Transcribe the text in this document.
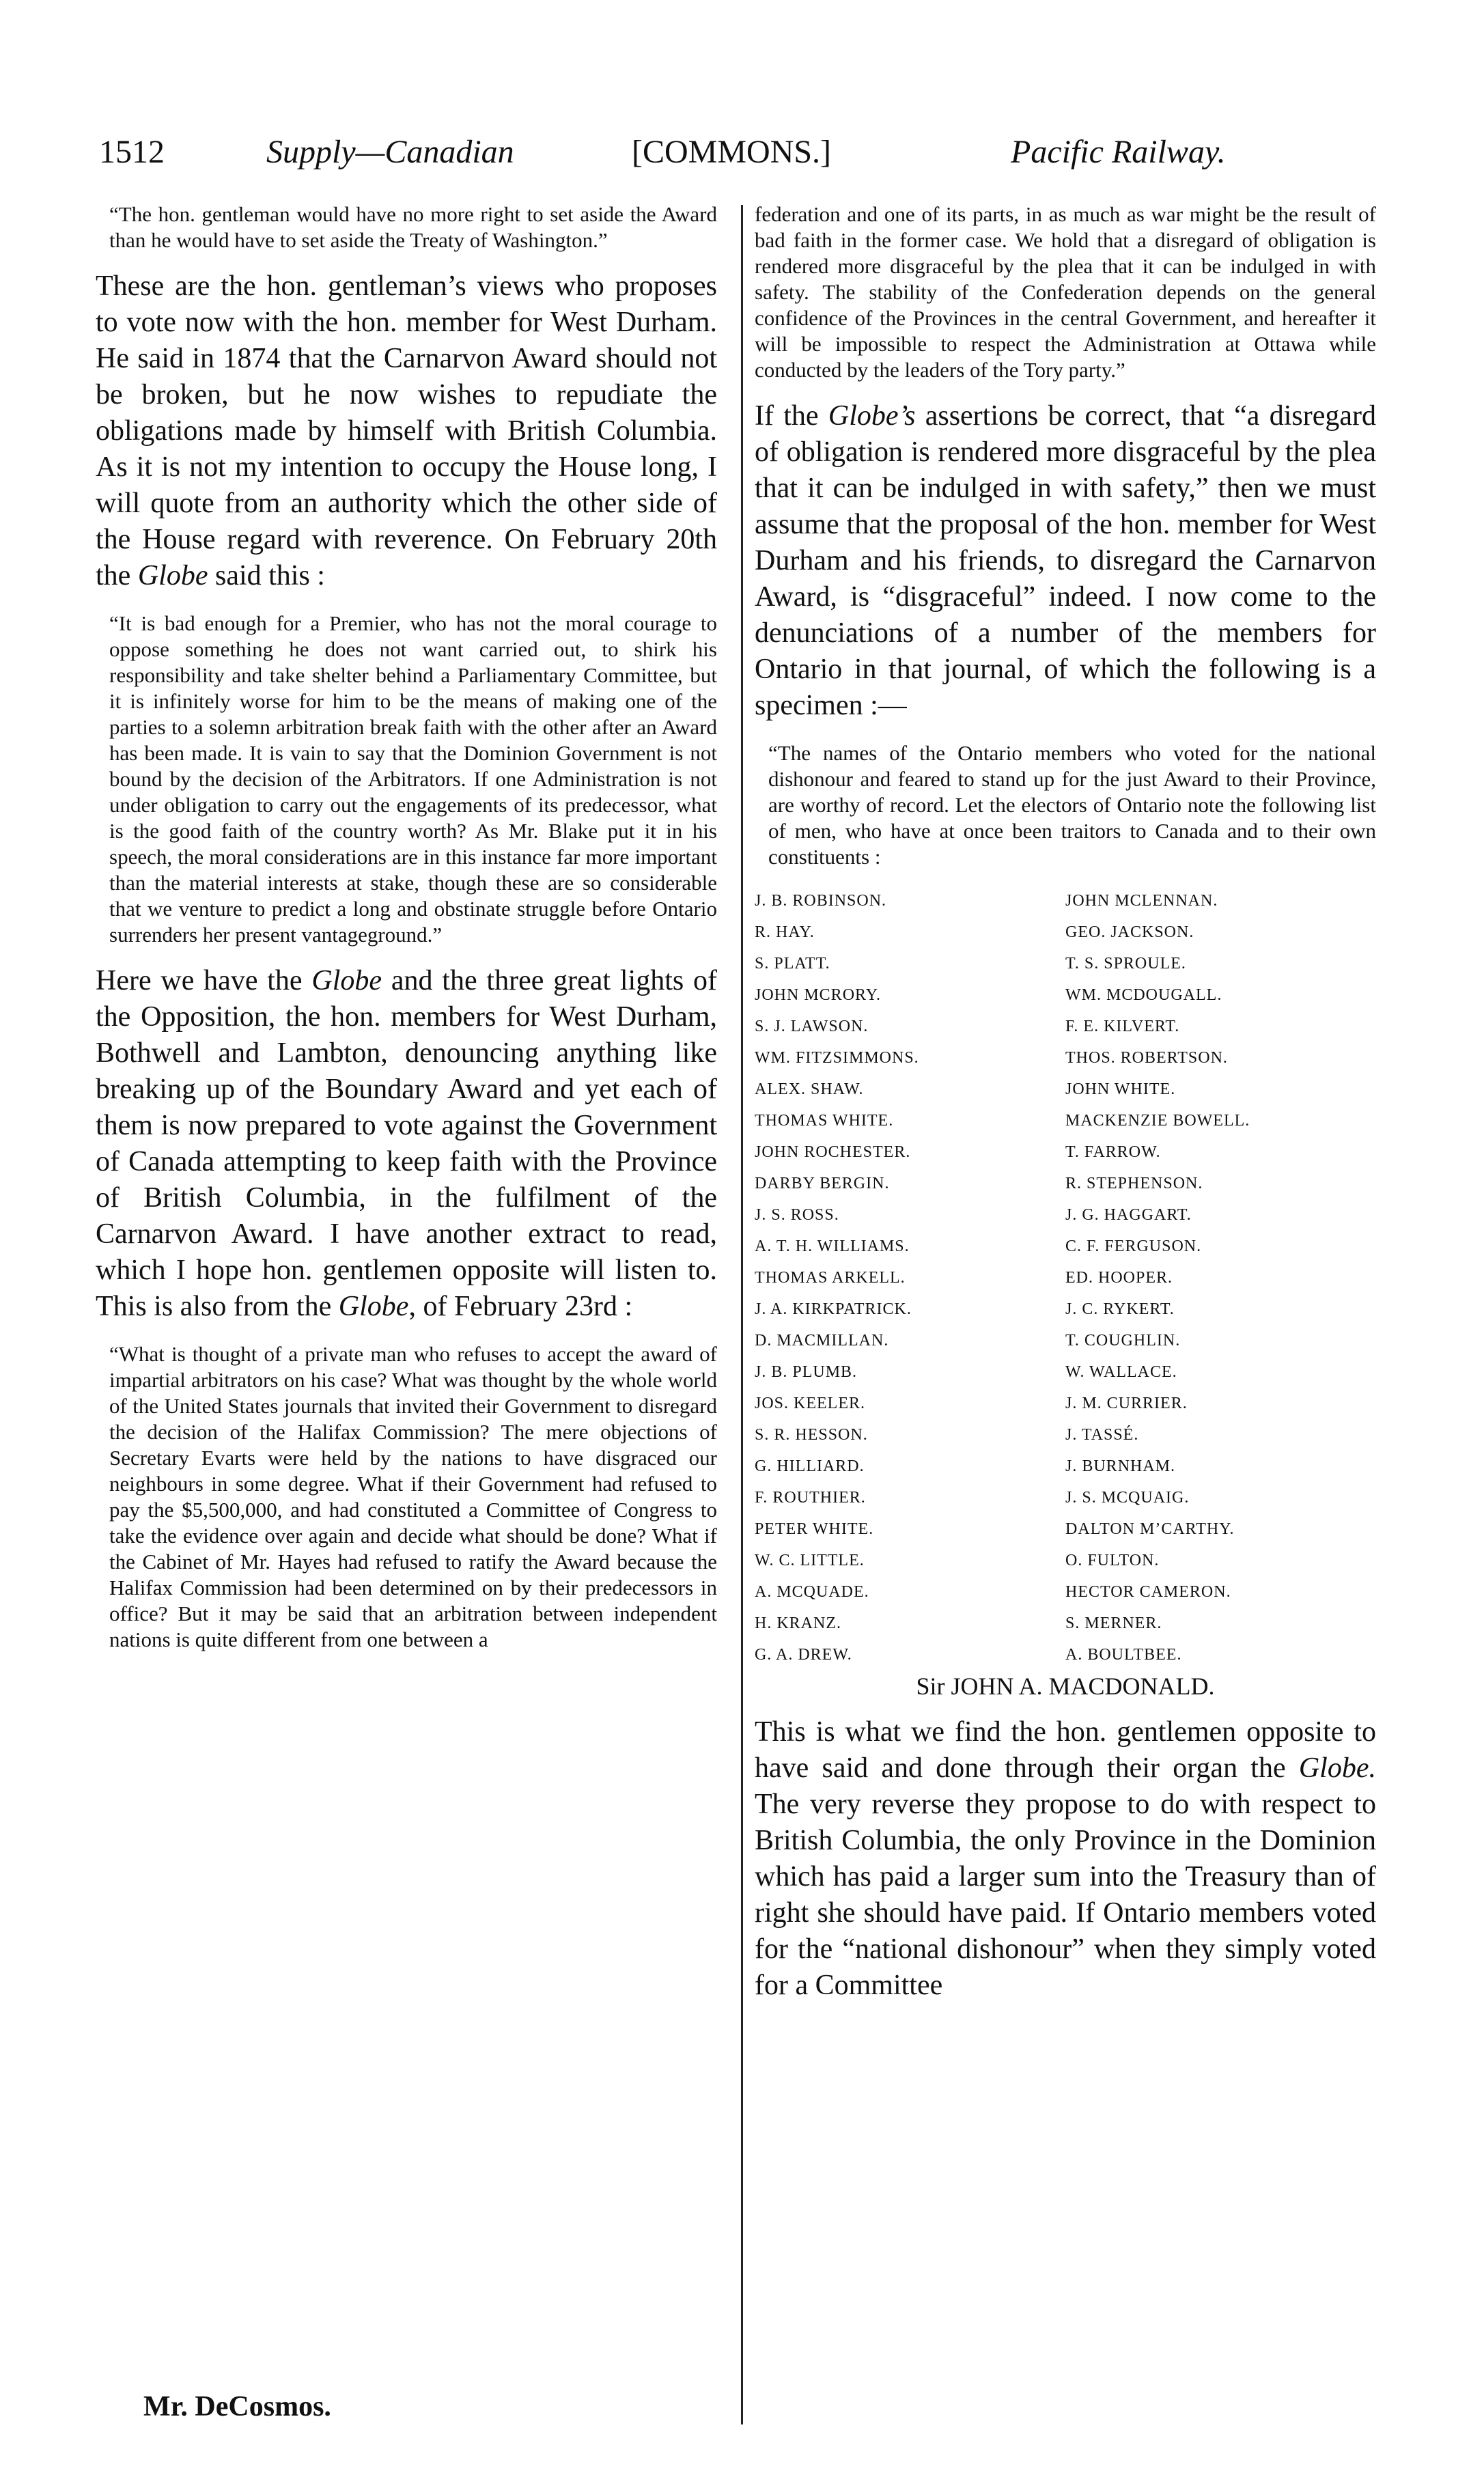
1512	Supply—Canadian	[COMMONS.]	Pacific Railway.

“The hon. gentleman would have no more right to set aside the Award than he would have to set aside the Treaty of Washington.”

These are the hon. gentleman’s views who proposes to vote now with the hon. member for West Durham. He said in 1874 that the Carnarvon Award should not be broken, but he now wishes to repudiate the obligations made by himself with British Columbia. As it is not my intention to occupy the House long, I will quote from an authority which the other side of the House regard with reverence. On February 20th the Globe said this :

“It is bad enough for a Premier, who has not the moral courage to oppose something he does not want carried out, to shirk his responsibility and take shelter behind a Parliamentary Committee, but it is infinitely worse for him to be the means of making one of the parties to a solemn arbitration break faith with the other after an Award has been made. It is vain to say that the Dominion Government is not bound by the decision of the Arbitrators. If one Administration is not under obligation to carry out the engagements of its predecessor, what is the good faith of the country worth? As Mr. Blake put it in his speech, the moral considerations are in this instance far more important than the material interests at stake, though these are so considerable that we venture to predict a long and obstinate struggle before Ontario surrenders her present vantageground.”

Here we have the Globe and the three great lights of the Opposition, the hon. members for West Durham, Bothwell and Lambton, denouncing anything like breaking up of the Boundary Award and yet each of them is now prepared to vote against the Government of Canada attempting to keep faith with the Province of British Columbia, in the fulfilment of the Carnarvon Award. I have another extract to read, which I hope hon. gentlemen opposite will listen to. This is also from the Globe, of February 23rd :

“What is thought of a private man who refuses to accept the award of impartial arbitrators on his case? What was thought by the whole world of the United States journals that invited their Government to disregard the decision of the Halifax Commission? The mere objections of Secretary Evarts were held by the nations to have disgraced our neighbours in some degree. What if their Government had refused to pay the $5,500,000, and had constituted a Committee of Congress to take the evidence over again and decide what should be done? What if the Cabinet of Mr. Hayes had refused to ratify the Award because the Halifax Commission had been determined on by their predecessors in office? But it may be said that an arbitration between independent nations is quite different from one between a

federation and one of its parts, in as much as war might be the result of bad faith in the former case. We hold that a disregard of obligation is rendered more disgraceful by the plea that it can be indulged in with safety. The stability of the Confederation depends on the general confidence of the Provinces in the central Government, and hereafter it will be impossible to respect the Administration at Ottawa while conducted by the leaders of the Tory party.”

If the Globe’s assertions be correct, that “a disregard of obligation is rendered more disgraceful by the plea that it can be indulged in with safety,” then we must assume that the proposal of the hon. member for West Durham and his friends, to disregard the Carnarvon Award, is “disgraceful” indeed. I now come to the denunciations of a number of the members for Ontario in that journal, of which the following is a specimen :—

“The names of the Ontario members who voted for the national dishonour and feared to stand up for the just Award to their Province, are worthy of record. Let the electors of Ontario note the following list of men, who have at once been traitors to Canada and to their own constituents :

J. B. ROBINSON.	JOHN MCLENNAN.
R. HAY.	GEO. JACKSON.
S. PLATT.	T. S. SPROULE.
JOHN MCRORY.	WM. MCDOUGALL.
S. J. LAWSON.	F. E. KILVERT.
WM. FITZSIMMONS.	THOS. ROBERTSON.
ALEX. SHAW.	JOHN WHITE.
THOMAS WHITE.	MACKENZIE BOWELL.
JOHN ROCHESTER.	T. FARROW.
DARBY BERGIN.	R. STEPHENSON.
J. S. ROSS.	J. G. HAGGART.
A. T. H. WILLIAMS.	C. F. FERGUSON.
THOMAS ARKELL.	ED. HOOPER.
J. A. KIRKPATRICK.	J. C. RYKERT.
D. MACMILLAN.	T. COUGHLIN.
J. B. PLUMB.	W. WALLACE.
JOS. KEELER.	J. M. CURRIER.
S. R. HESSON.	J. TASSÉ.
G. HILLIARD.	J. BURNHAM.
F. ROUTHIER.	J. S. MCQUAIG.
PETER WHITE.	DALTON M’CARTHY.
W. C. LITTLE.	O. FULTON.
A. MCQUADE.	HECTOR CAMERON.
H. KRANZ.	S. MERNER.
G. A. DREW.	A. BOULTBEE.

Sir JOHN A. MACDONALD.

This is what we find the hon. gentlemen opposite to have said and done through their organ the Globe. The very reverse they propose to do with respect to British Columbia, the only Province in the Dominion which has paid a larger sum into the Treasury than of right she should have paid. If Ontario members voted for the “national dishonour” when they simply voted for a Committee

Mr. DeCosmos.
